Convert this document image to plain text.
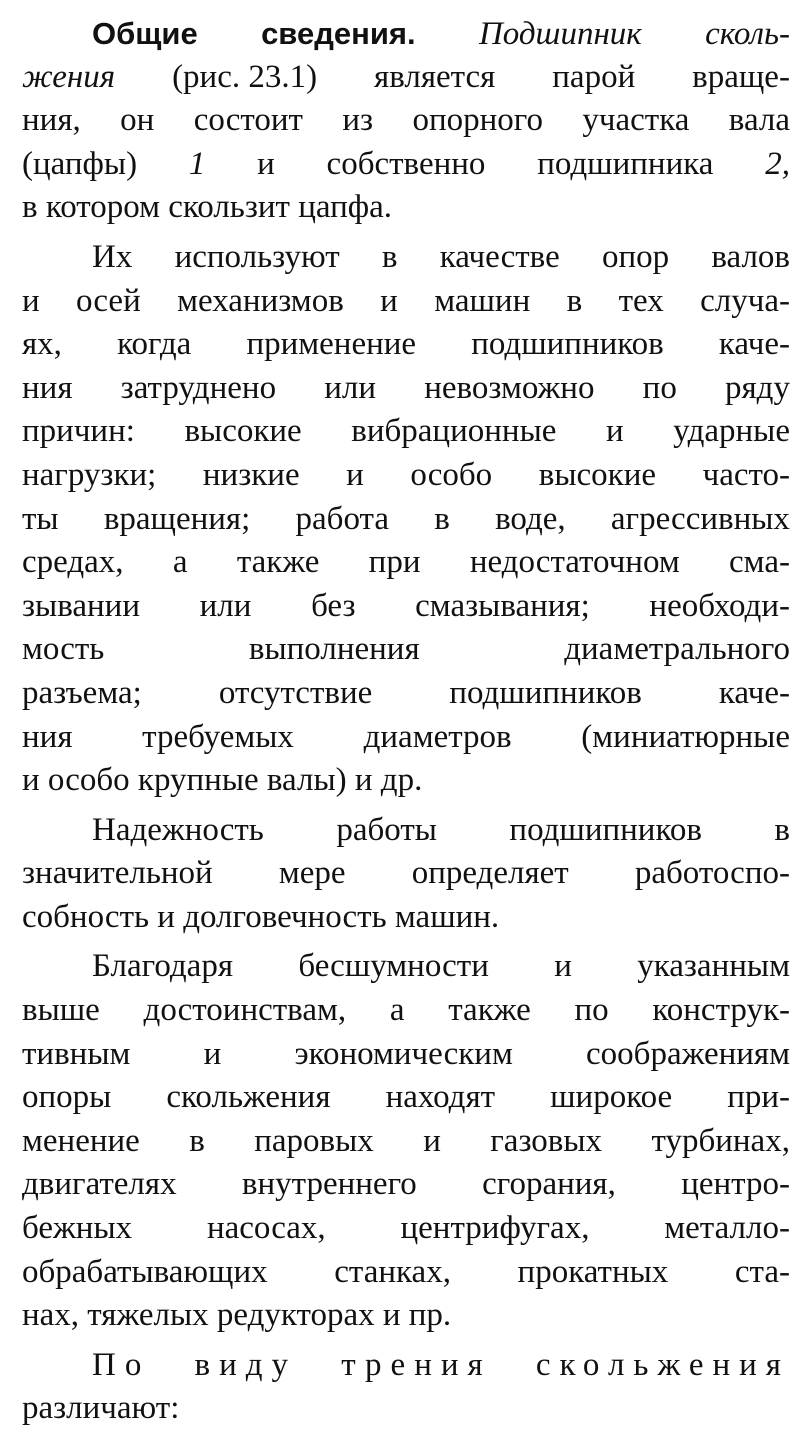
Общие сведения. Подшипник сколь-
жения (рис. 23.1) является парой враще-
ния, он состоит из опорного участка вала
(цапфы) 1 и собственно подшипника 2,
в котором скользит цапфа.
Их используют в качестве опор валов
и осей механизмов и машин в тех случа-
ях, когда применение подшипников каче-
ния затруднено или невозможно по ряду
причин: высокие вибрационные и ударные
нагрузки; низкие и особо высокие часто-
ты вращения; работа в воде, агрессивных
средах, а также при недостаточном сма-
зывании или без смазывания; необходи-
мость	выполнения	диаметрального
разъема; отсутствие подшипников каче-
ния требуемых диаметров (миниатюрные
и особо крупные валы) и др.
Надежность работы подшипников в
значительной мере определяет работоспо-
собность и долговечность машин.
Благодаря бесшумности и указанным
выше достоинствам, а также по конструк-
тивным и экономическим соображениям
опоры скольжения находят широкое при-
менение в паровых и газовых турбинах,
двигателях внутреннего сгорания, центро-
бежных насосах, центрифугах, металло-
обрабатывающих станках, прокатных ста-
нах, тяжелых редукторах и пр.
По виду трения скольжения
различают:
